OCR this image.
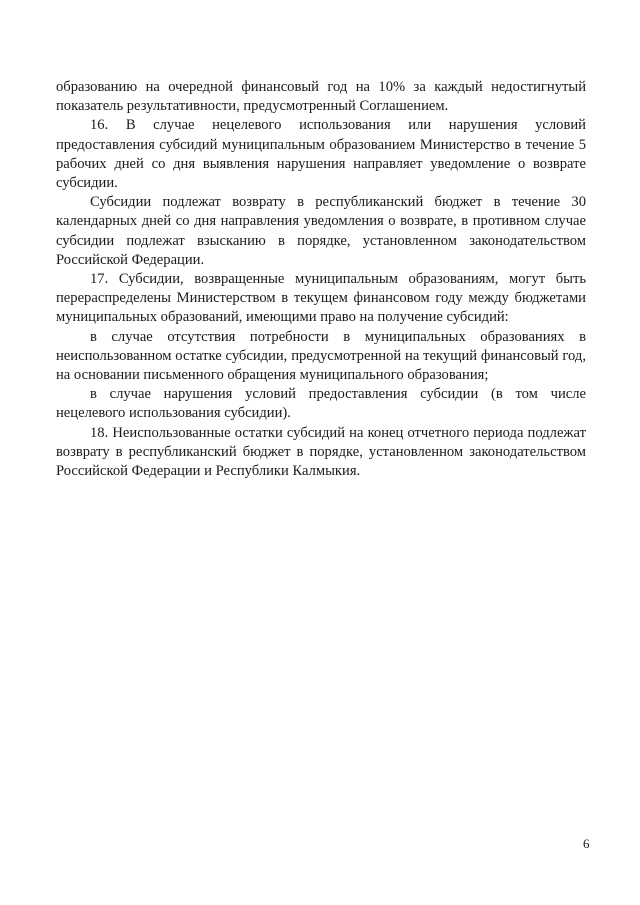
образованию на очередной финансовый год на 10% за каждый недостигнутый показатель результативности, предусмотренный Соглашением.

16. В случае нецелевого использования или нарушения условий предоставления субсидий муниципальным образованием Министерство в течение 5 рабочих дней со дня выявления нарушения направляет уведомление о возврате субсидии.

Субсидии подлежат возврату в республиканский бюджет в течение 30 календарных дней со дня направления уведомления о возврате, в противном случае субсидии подлежат взысканию в порядке, установленном законодательством Российской Федерации.

17. Субсидии, возвращенные муниципальным образованиям, могут быть перераспределены Министерством в текущем финансовом году между бюджетами муниципальных образований, имеющими право на получение субсидий:

в случае отсутствия потребности в муниципальных образованиях в неиспользованном остатке субсидии, предусмотренной на текущий финансовый год, на основании письменного обращения муниципального образования;

в случае нарушения условий предоставления субсидии (в том числе нецелевого использования субсидии).

18. Неиспользованные остатки субсидий на конец отчетного периода подлежат возврату в республиканский бюджет в порядке, установленном законодательством Российской Федерации и Республики Калмыкия.

6
